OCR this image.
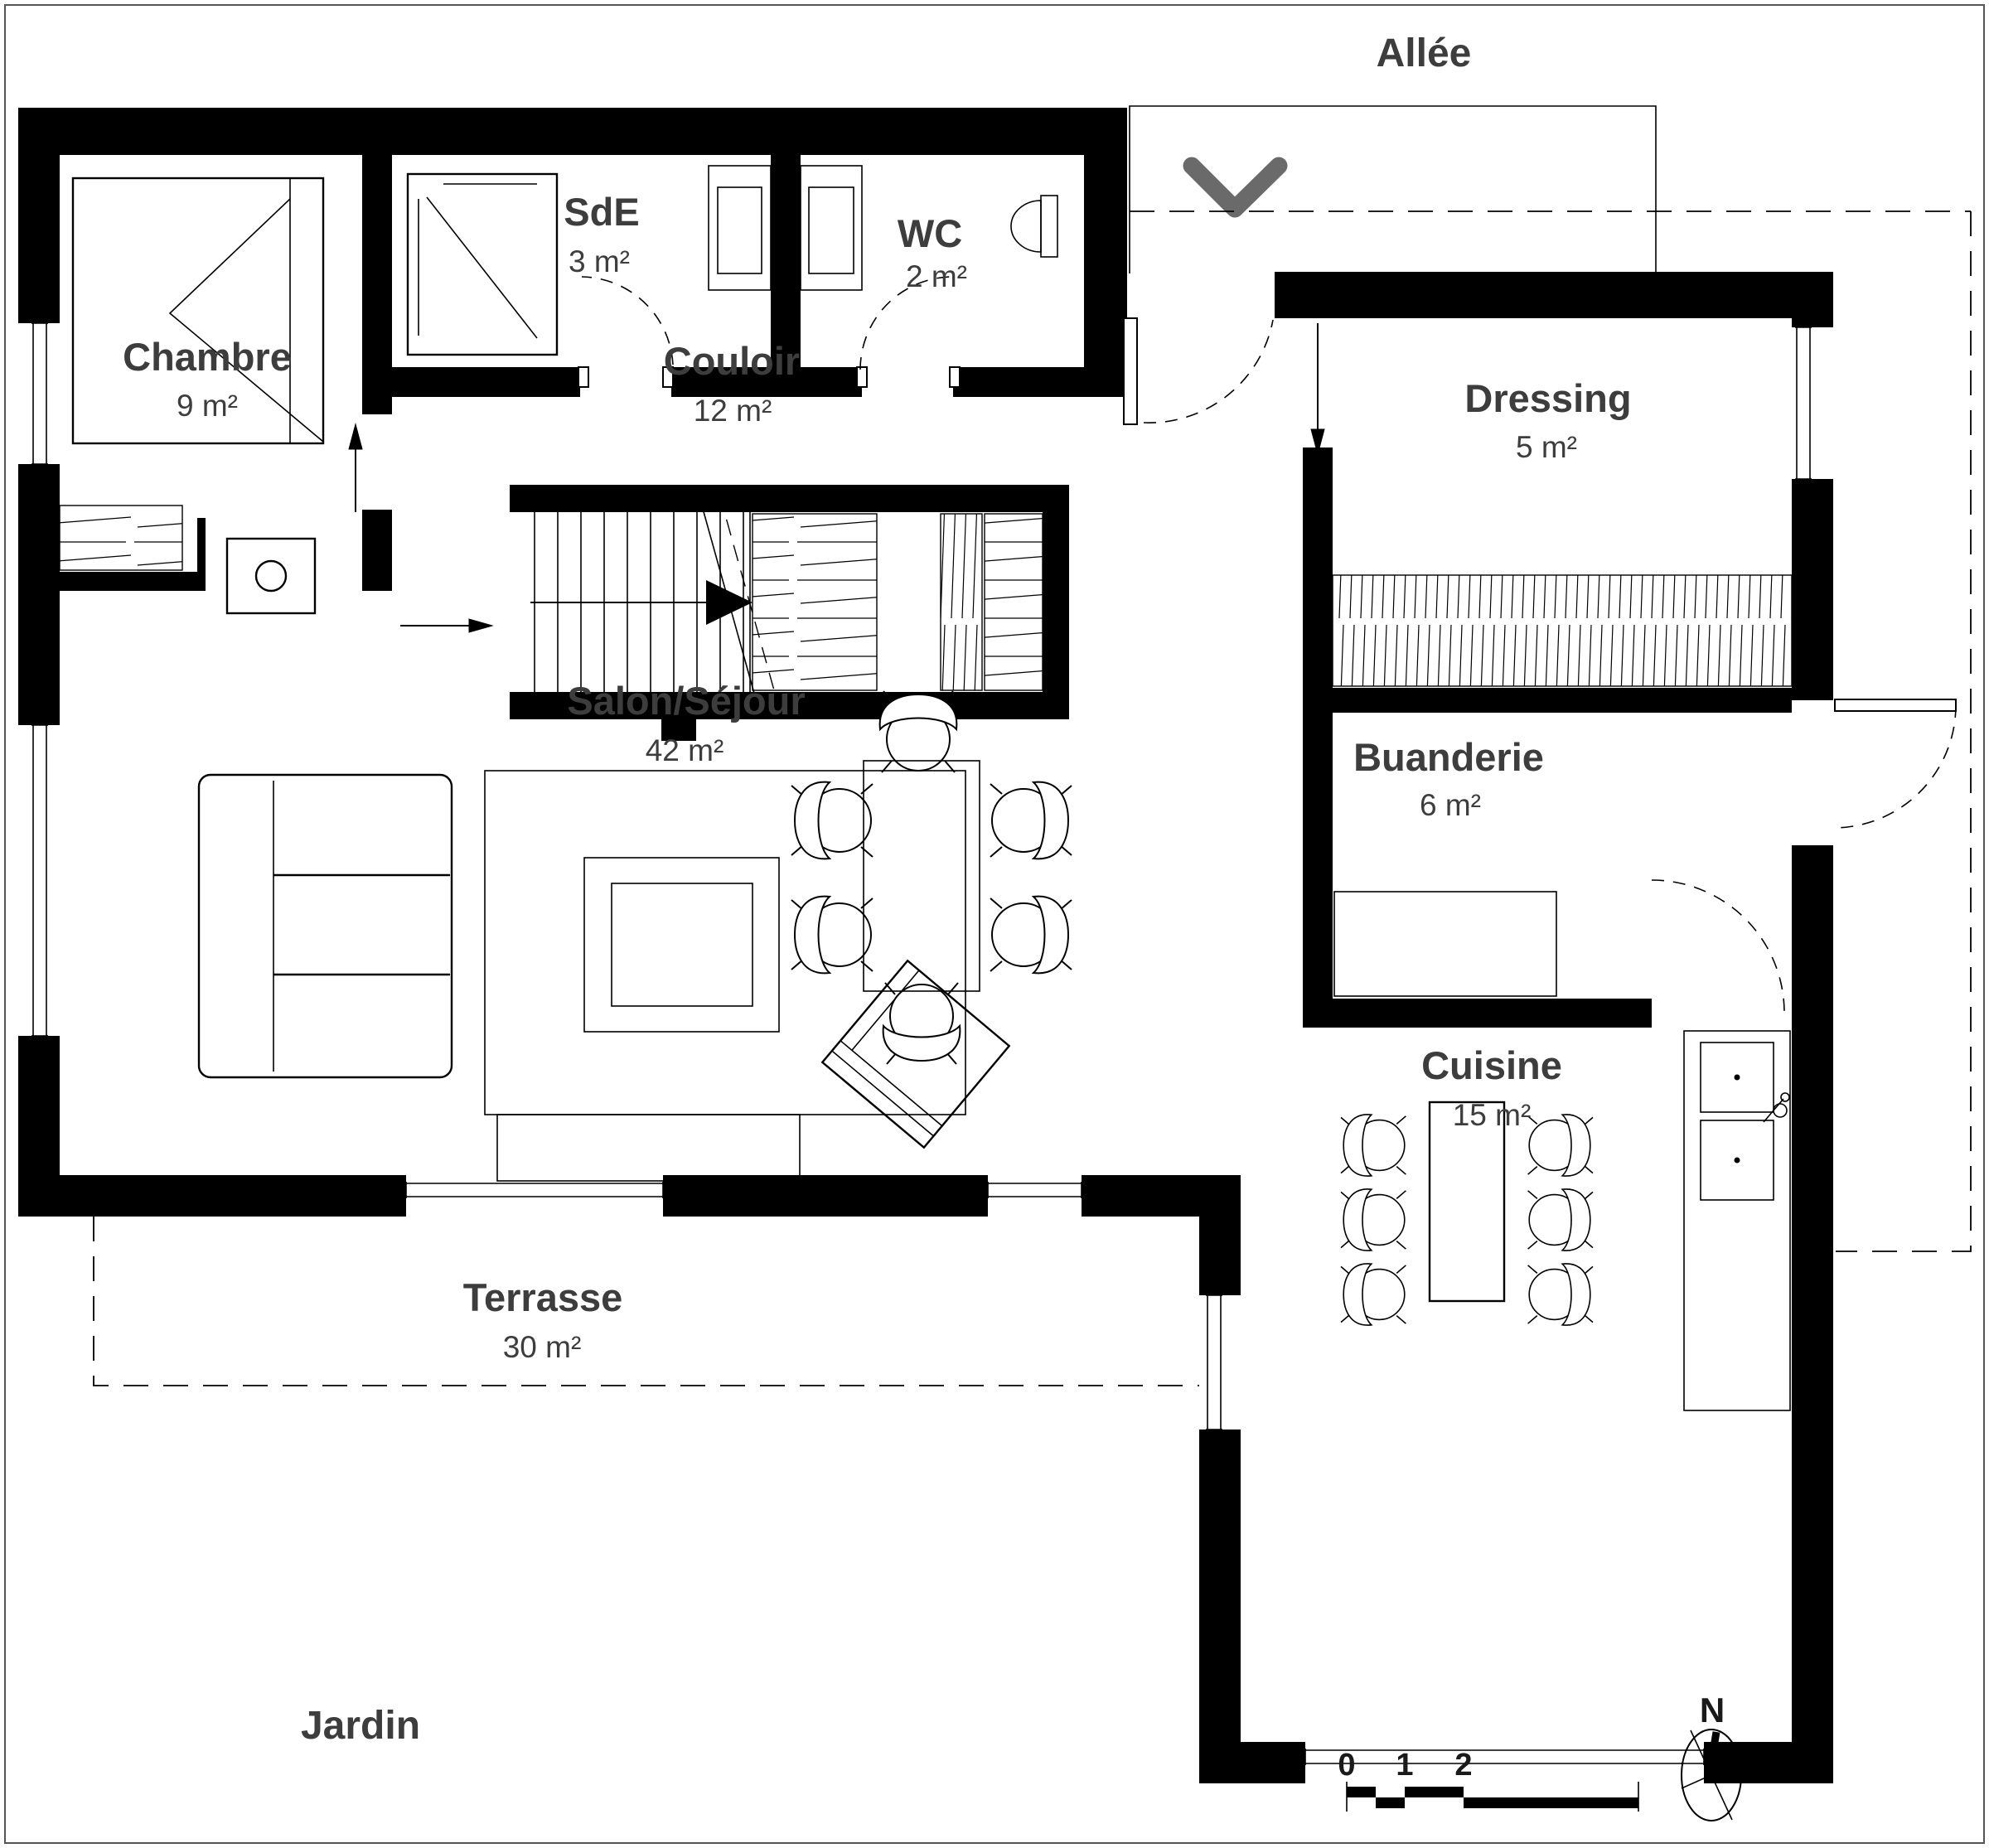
Allée
Jardin
Chambre
9 m²
SdE
3 m²
WC
2 m²
Couloir
12 m²	Dressing
5 m²
Salon/Séjour
42 m²	Buanderie
6 m²
Cuisine
15 m²
Terrasse
30 m²
0 1 2
N
